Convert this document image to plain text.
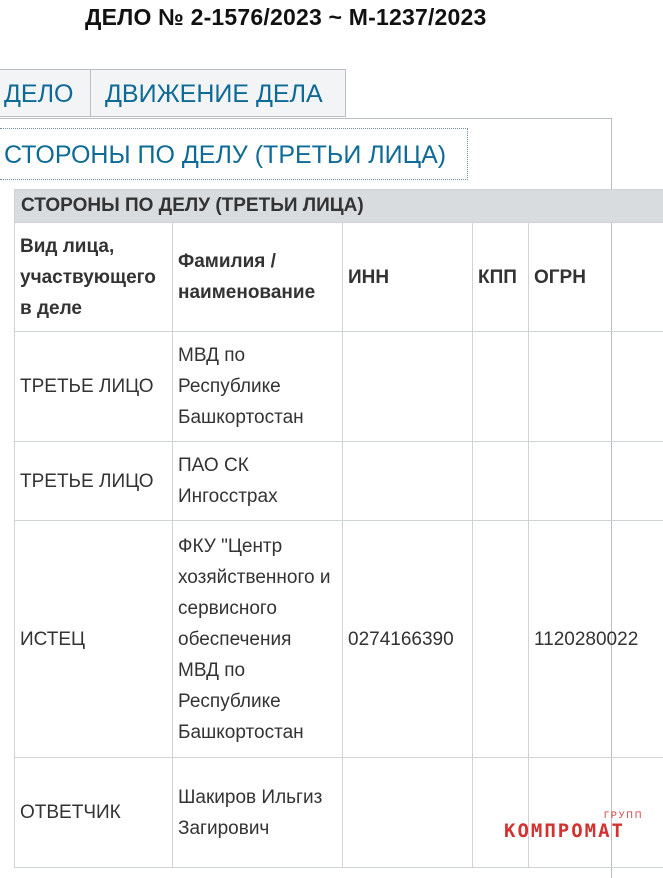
ДЕЛО № 2-1576/2023 ~ М-1237/2023
ДЕЛО	ДВИЖЕНИЕ ДЕЛА
СТОРОНЫ ПО ДЕЛУ (ТРЕТЬИ ЛИЦА)
СТОРОНЫ ПО ДЕЛУ (ТРЕТЬИ ЛИЦА)				
Вид лица, участвующего в деле	Фамилия / наименование	ИНН	КПП	ОГРН
ТРЕТЬЕ ЛИЦО	МВД по Республике Башкортостан			
ТРЕТЬЕ ЛИЦО	ПАО СК Ингосстрах			
ИСТЕЦ	ФКУ "Центр хозяйственного и сервисного обеспечения МВД по Республике Башкортостан	0274166390		1120280022
ОТВЕТЧИК	Шакиров Ильгиз Загирович			
ГРУПП
КОМПРОМАТ
